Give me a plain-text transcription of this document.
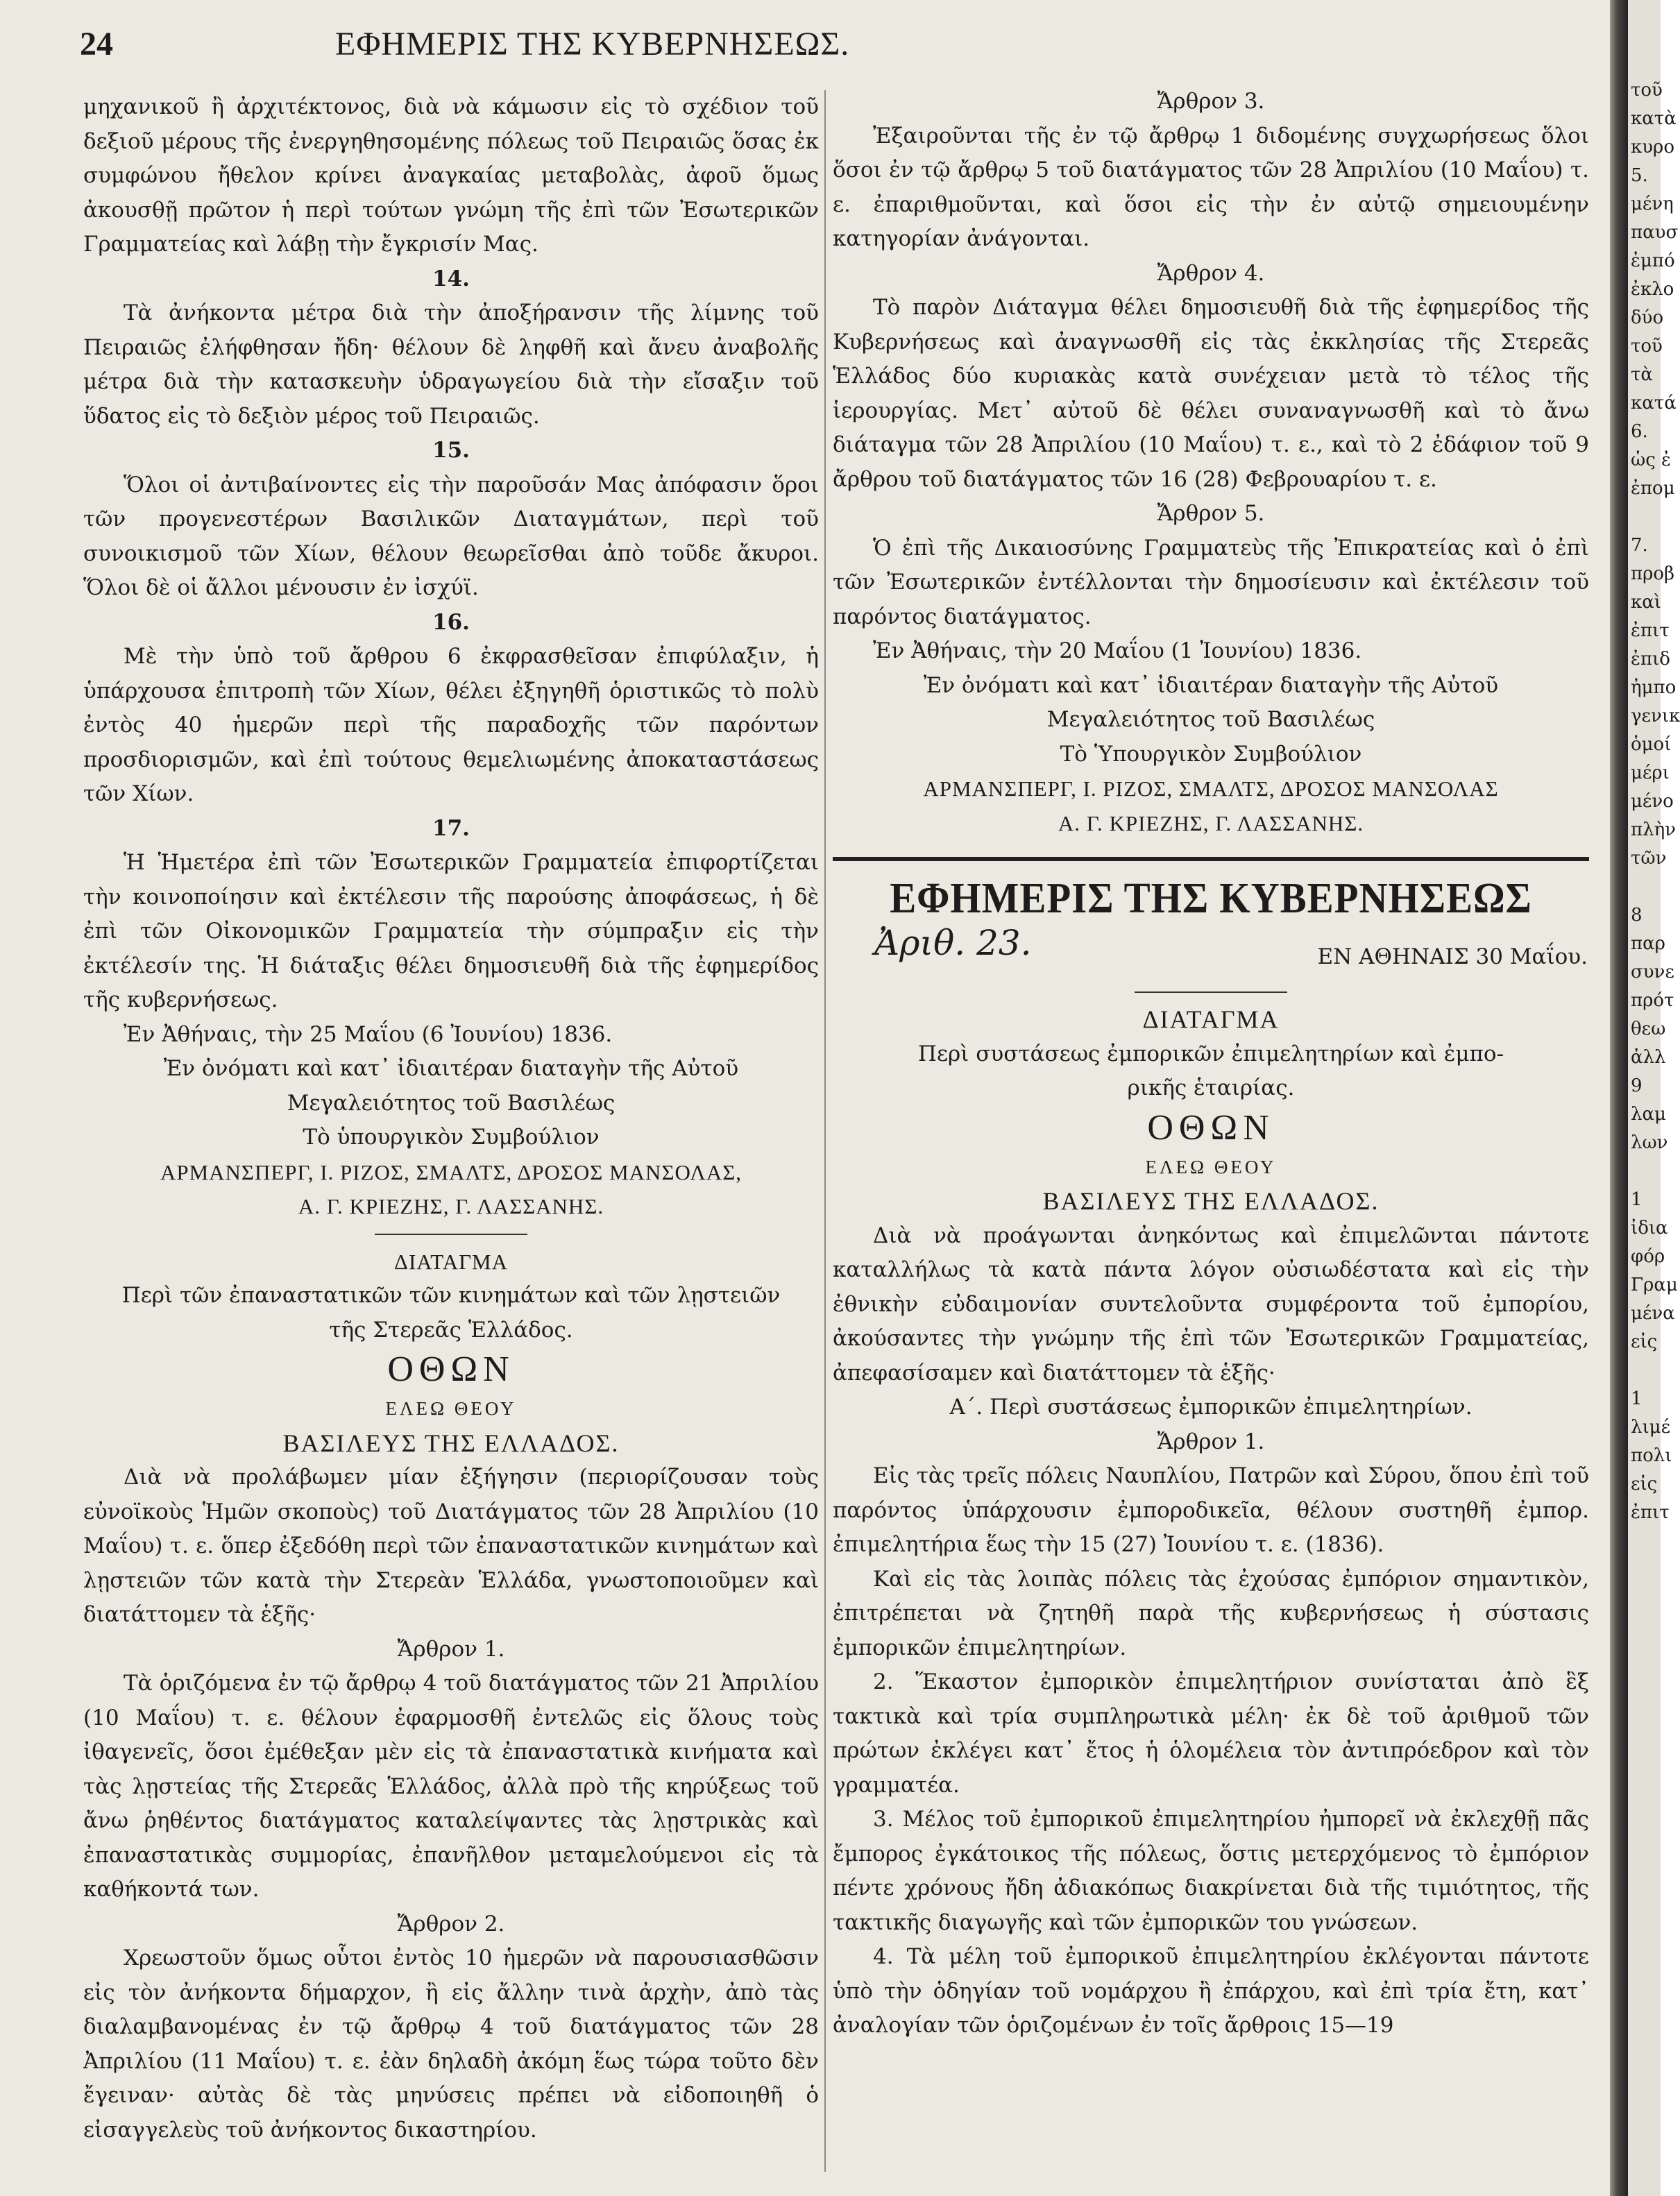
24	ΕΦΗΜΕΡΙΣ ΤΗΣ ΚΥΒΕΡΝΗΣΕΩΣ.

μηχανικοῦ ἢ ἀρχιτέκτονος, διὰ νὰ κάμωσιν εἰς τὸ σχέδιον τοῦ δεξιοῦ μέρους τῆς ἐνεργηθησομένης πόλεως τοῦ Πειραιῶς ὅσας ἐκ συμφώνου ἤθελον κρίνει ἀναγκαίας μεταβολὰς, ἀφοῦ ὅμως ἀκουσθῇ πρῶτον ἡ περὶ τούτων γνώμη τῆς ἐπὶ τῶν Ἐσωτερικῶν Γραμματείας καὶ λάβῃ τὴν ἔγκρισίν Μας.

14.

Τὰ ἀνήκοντα μέτρα διὰ τὴν ἀποξήρανσιν τῆς λίμνης τοῦ Πειραιῶς ἐλήφθησαν ἤδη· θέλουν δὲ ληφθῆ καὶ ἄνευ ἀναβολῆς μέτρα διὰ τὴν κατασκευὴν ὑδραγωγείου διὰ τὴν εἴσαξιν τοῦ ὕδατος εἰς τὸ δεξιὸν μέρος τοῦ Πειραιῶς.

15.

Ὅλοι οἱ ἀντιβαίνοντες εἰς τὴν παροῦσάν Μας ἀπόφασιν ὅροι τῶν προγενεστέρων Βασιλικῶν Διαταγμάτων, περὶ τοῦ συνοικισμοῦ τῶν Χίων, θέλουν θεωρεῖσθαι ἀπὸ τοῦδε ἄκυροι. Ὅλοι δὲ οἱ ἄλλοι μένουσιν ἐν ἰσχύϊ.

16.

Μὲ τὴν ὑπὸ τοῦ ἄρθρου 6 ἐκφρασθεῖσαν ἐπιφύλαξιν, ἡ ὑπάρχουσα ἐπιτροπὴ τῶν Χίων, θέλει ἐξηγηθῆ ὁριστικῶς τὸ πολὺ ἐντὸς 40 ἡμερῶν περὶ τῆς παραδοχῆς τῶν παρόντων προσδιορισμῶν, καὶ ἐπὶ τούτους θεμελιωμένης ἀποκαταστάσεως τῶν Χίων.

17.

Ἡ Ἡμετέρα ἐπὶ τῶν Ἐσωτερικῶν Γραμματεία ἐπιφορτίζεται τὴν κοινοποίησιν καὶ ἐκτέλεσιν τῆς παρούσης ἀποφάσεως, ἡ δὲ ἐπὶ τῶν Οἰκονομικῶν Γραμματεία τὴν σύμπραξιν εἰς τὴν ἐκτέλεσίν της. Ἡ διάταξις θέλει δημοσιευθῆ διὰ τῆς ἐφημερίδος τῆς κυβερνήσεως.

Ἐν Ἀθήναις, τὴν 25 Μαΐου (6 Ἰουνίου) 1836.

Ἐν ὀνόματι καὶ κατ᾽ ἰδιαιτέραν διαταγὴν τῆς Αὐτοῦ

Μεγαλειότητος τοῦ Βασιλέως

Τὸ ὑπουργικὸν Συμβούλιον

ΑΡΜΑΝΣΠΕΡΓ, Ι. ΡΙΖΟΣ, ΣΜΑΛΤΣ, ΔΡΟΣΟΣ ΜΑΝΣΟΛΑΣ,

Α. Γ. ΚΡΙΕΖΗΣ, Γ. ΛΑΣΣΑΝΗΣ.

ΔΙΑΤΑΓΜΑ

Περὶ τῶν ἐπαναστατικῶν τῶν κινημάτων καὶ τῶν λῃστειῶν

τῆς Στερεᾶς Ἑλλάδος.

ΟΘΩΝ

ΕΛΕΩ ΘΕΟΥ

ΒΑΣΙΛΕΥΣ ΤΗΣ ΕΛΛΑΔΟΣ.

Διὰ νὰ προλάβωμεν μίαν ἐξήγησιν (περιορίζουσαν τοὺς εὐνοϊκοὺς Ἡμῶν σκοποὺς) τοῦ Διατάγματος τῶν 28 Ἀπριλίου (10 Μαΐου) τ. ε. ὅπερ ἐξεδόθη περὶ τῶν ἐπαναστατικῶν κινημάτων καὶ λῃστειῶν τῶν κατὰ τὴν Στερεὰν Ἑλλάδα, γνωστοποιοῦμεν καὶ διατάττομεν τὰ ἑξῆς·

Ἄρθρον 1.

Τὰ ὁριζόμενα ἐν τῷ ἄρθρῳ 4 τοῦ διατάγματος τῶν 21 Ἀπριλίου (10 Μαΐου) τ. ε. θέλουν ἐφαρμοσθῆ ἐντελῶς εἰς ὅλους τοὺς ἰθαγενεῖς, ὅσοι ἐμέθεξαν μὲν εἰς τὰ ἐπαναστατικὰ κινήματα καὶ τὰς λῃστείας τῆς Στερεᾶς Ἑλλάδος, ἀλλὰ πρὸ τῆς κηρύξεως τοῦ ἄνω ῥηθέντος διατάγματος καταλείψαντες τὰς λῃστρικὰς καὶ ἐπαναστατικὰς συμμορίας, ἐπανῆλθον μεταμελούμενοι εἰς τὰ καθήκοντά των.

Ἄρθρον 2.

Χρεωστοῦν ὅμως οὗτοι ἐντὸς 10 ἡμερῶν νὰ παρουσιασθῶσιν εἰς τὸν ἀνήκοντα δήμαρχον, ἢ εἰς ἄλλην τινὰ ἀρχὴν, ἀπὸ τὰς διαλαμβανομένας ἐν τῷ ἄρθρῳ 4 τοῦ διατάγματος τῶν 28 Ἀπριλίου (11 Μαΐου) τ. ε. ἐὰν δηλαδὴ ἀκόμη ἕως τώρα τοῦτο δὲν ἔγειναν· αὐτὰς δὲ τὰς μηνύσεις πρέπει νὰ εἰδοποιηθῆ ὁ εἰσαγγελεὺς τοῦ ἀνήκοντος δικαστηρίου.

Ἄρθρον 3.

Ἐξαιροῦνται τῆς ἐν τῷ ἄρθρῳ 1 διδομένης συγχωρήσεως ὅλοι ὅσοι ἐν τῷ ἄρθρῳ 5 τοῦ διατάγματος τῶν 28 Ἀπριλίου (10 Μαΐου) τ. ε. ἐπαριθμοῦνται, καὶ ὅσοι εἰς τὴν ἐν αὐτῷ σημειουμένην κατηγορίαν ἀνάγονται.

Ἄρθρον 4.

Τὸ παρὸν Διάταγμα θέλει δημοσιευθῆ διὰ τῆς ἐφημερίδος τῆς Κυβερνήσεως καὶ ἀναγνωσθῆ εἰς τὰς ἐκκλησίας τῆς Στερεᾶς Ἑλλάδος δύο κυριακὰς κατὰ συνέχειαν μετὰ τὸ τέλος τῆς ἱερουργίας. Μετ᾽ αὐτοῦ δὲ θέλει συναναγνωσθῆ καὶ τὸ ἄνω διάταγμα τῶν 28 Ἀπριλίου (10 Μαΐου) τ. ε., καὶ τὸ 2 ἐδάφιον τοῦ 9 ἄρθρου τοῦ διατάγματος τῶν 16 (28) Φεβρουαρίου τ. ε.

Ἄρθρον 5.

Ὁ ἐπὶ τῆς Δικαιοσύνης Γραμματεὺς τῆς Ἐπικρατείας καὶ ὁ ἐπὶ τῶν Ἐσωτερικῶν ἐντέλλονται τὴν δημοσίευσιν καὶ ἐκτέλεσιν τοῦ παρόντος διατάγματος.

Ἐν Ἀθήναις, τὴν 20 Μαΐου (1 Ἰουνίου) 1836.

Ἐν ὀνόματι καὶ κατ᾽ ἰδιαιτέραν διαταγὴν τῆς Αὐτοῦ

Μεγαλειότητος τοῦ Βασιλέως

Τὸ Ὑπουργικὸν Συμβούλιον

ΑΡΜΑΝΣΠΕΡΓ, Ι. ΡΙΖΟΣ, ΣΜΑΛΤΣ, ΔΡΟΣΟΣ ΜΑΝΣΟΛΑΣ

Α. Γ. ΚΡΙΕΖΗΣ, Γ. ΛΑΣΣΑΝΗΣ.

ΕΦΗΜΕΡΙΣ ΤΗΣ ΚΥΒΕΡΝΗΣΕΩΣ

Ἀριθ. 23.	ΕΝ ΑΘΗΝΑΙΣ 30 Μαΐου.

ΔΙΑΤΑΓΜΑ

Περὶ συστάσεως ἐμπορικῶν ἐπιμελητηρίων καὶ ἐμπο-

ρικῆς ἑταιρίας.

ΟΘΩΝ

ΕΛΕΩ ΘΕΟΥ

ΒΑΣΙΛΕΥΣ ΤΗΣ ΕΛΛΑΔΟΣ.

Διὰ νὰ προάγωνται ἀνηκόντως καὶ ἐπιμελῶνται πάντοτε καταλλήλως τὰ κατὰ πάντα λόγον οὐσιωδέστατα καὶ εἰς τὴν ἐθνικὴν εὐδαιμονίαν συντελοῦντα συμφέροντα τοῦ ἐμπορίου, ἀκούσαντες τὴν γνώμην τῆς ἐπὶ τῶν Ἐσωτερικῶν Γραμματείας, ἀπεφασίσαμεν καὶ διατάττομεν τὰ ἑξῆς·

Α΄. Περὶ συστάσεως ἐμπορικῶν ἐπιμελητηρίων.

Ἄρθρον 1.

Εἰς τὰς τρεῖς πόλεις Ναυπλίου, Πατρῶν καὶ Σύρου, ὅπου ἐπὶ τοῦ παρόντος ὑπάρχουσιν ἐμποροδικεῖα, θέλουν συστηθῆ ἐμπορ. ἐπιμελητήρια ἕως τὴν 15 (27) Ἰουνίου τ. ε. (1836).

Καὶ εἰς τὰς λοιπὰς πόλεις τὰς ἐχούσας ἐμπόριον σημαντικὸν, ἐπιτρέπεται νὰ ζητηθῆ παρὰ τῆς κυβερνήσεως ἡ σύστασις ἐμπορικῶν ἐπιμελητηρίων.

2. Ἕκαστον ἐμπορικὸν ἐπιμελητήριον συνίσταται ἀπὸ ἓξ τακτικὰ καὶ τρία συμπληρωτικὰ μέλη· ἐκ δὲ τοῦ ἀριθμοῦ τῶν πρώτων ἐκλέγει κατ᾽ ἔτος ἡ ὁλομέλεια τὸν ἀντιπρόεδρον καὶ τὸν γραμματέα.

3. Μέλος τοῦ ἐμπορικοῦ ἐπιμελητηρίου ἠμπορεῖ νὰ ἐκλεχθῇ πᾶς ἔμπορος ἐγκάτοικος τῆς πόλεως, ὅστις μετερχόμενος τὸ ἐμπόριον πέντε χρόνους ἤδη ἀδιακόπως διακρίνεται διὰ τῆς τιμιότητος, τῆς τακτικῆς διαγωγῆς καὶ τῶν ἐμπορικῶν του γνώσεων.

4. Τὰ μέλη τοῦ ἐμπορικοῦ ἐπιμελητηρίου ἐκλέγονται πάντοτε ὑπὸ τὴν ὁδηγίαν τοῦ νομάρχου ἢ ἐπάρχου, καὶ ἐπὶ τρία ἔτη, κατ᾽ ἀναλογίαν τῶν ὁριζομένων ἐν τοῖς ἄρθροις 15—19

τοῦ
κατὰ
κυρο
5.
μένη
παυσ
ἐμπό
ἐκλο
δύο
τοῦ
τὰ
κατά
6.
ὡς ἐ
ἐπομ

7.
προβ
καὶ
ἐπιτ
ἐπιδ
ἠμπο
γενικ
ὁμοί
μέρι
μένο
πλὴν
τῶν

8
παρ
συνε
πρότ
θεω
ἀλλ
9
λαμ
λων

1
ἰδια
φόρ
Γραμ
μένα
εἰς

1
λιμέ
πολι
εἰς
ἐπιτ
